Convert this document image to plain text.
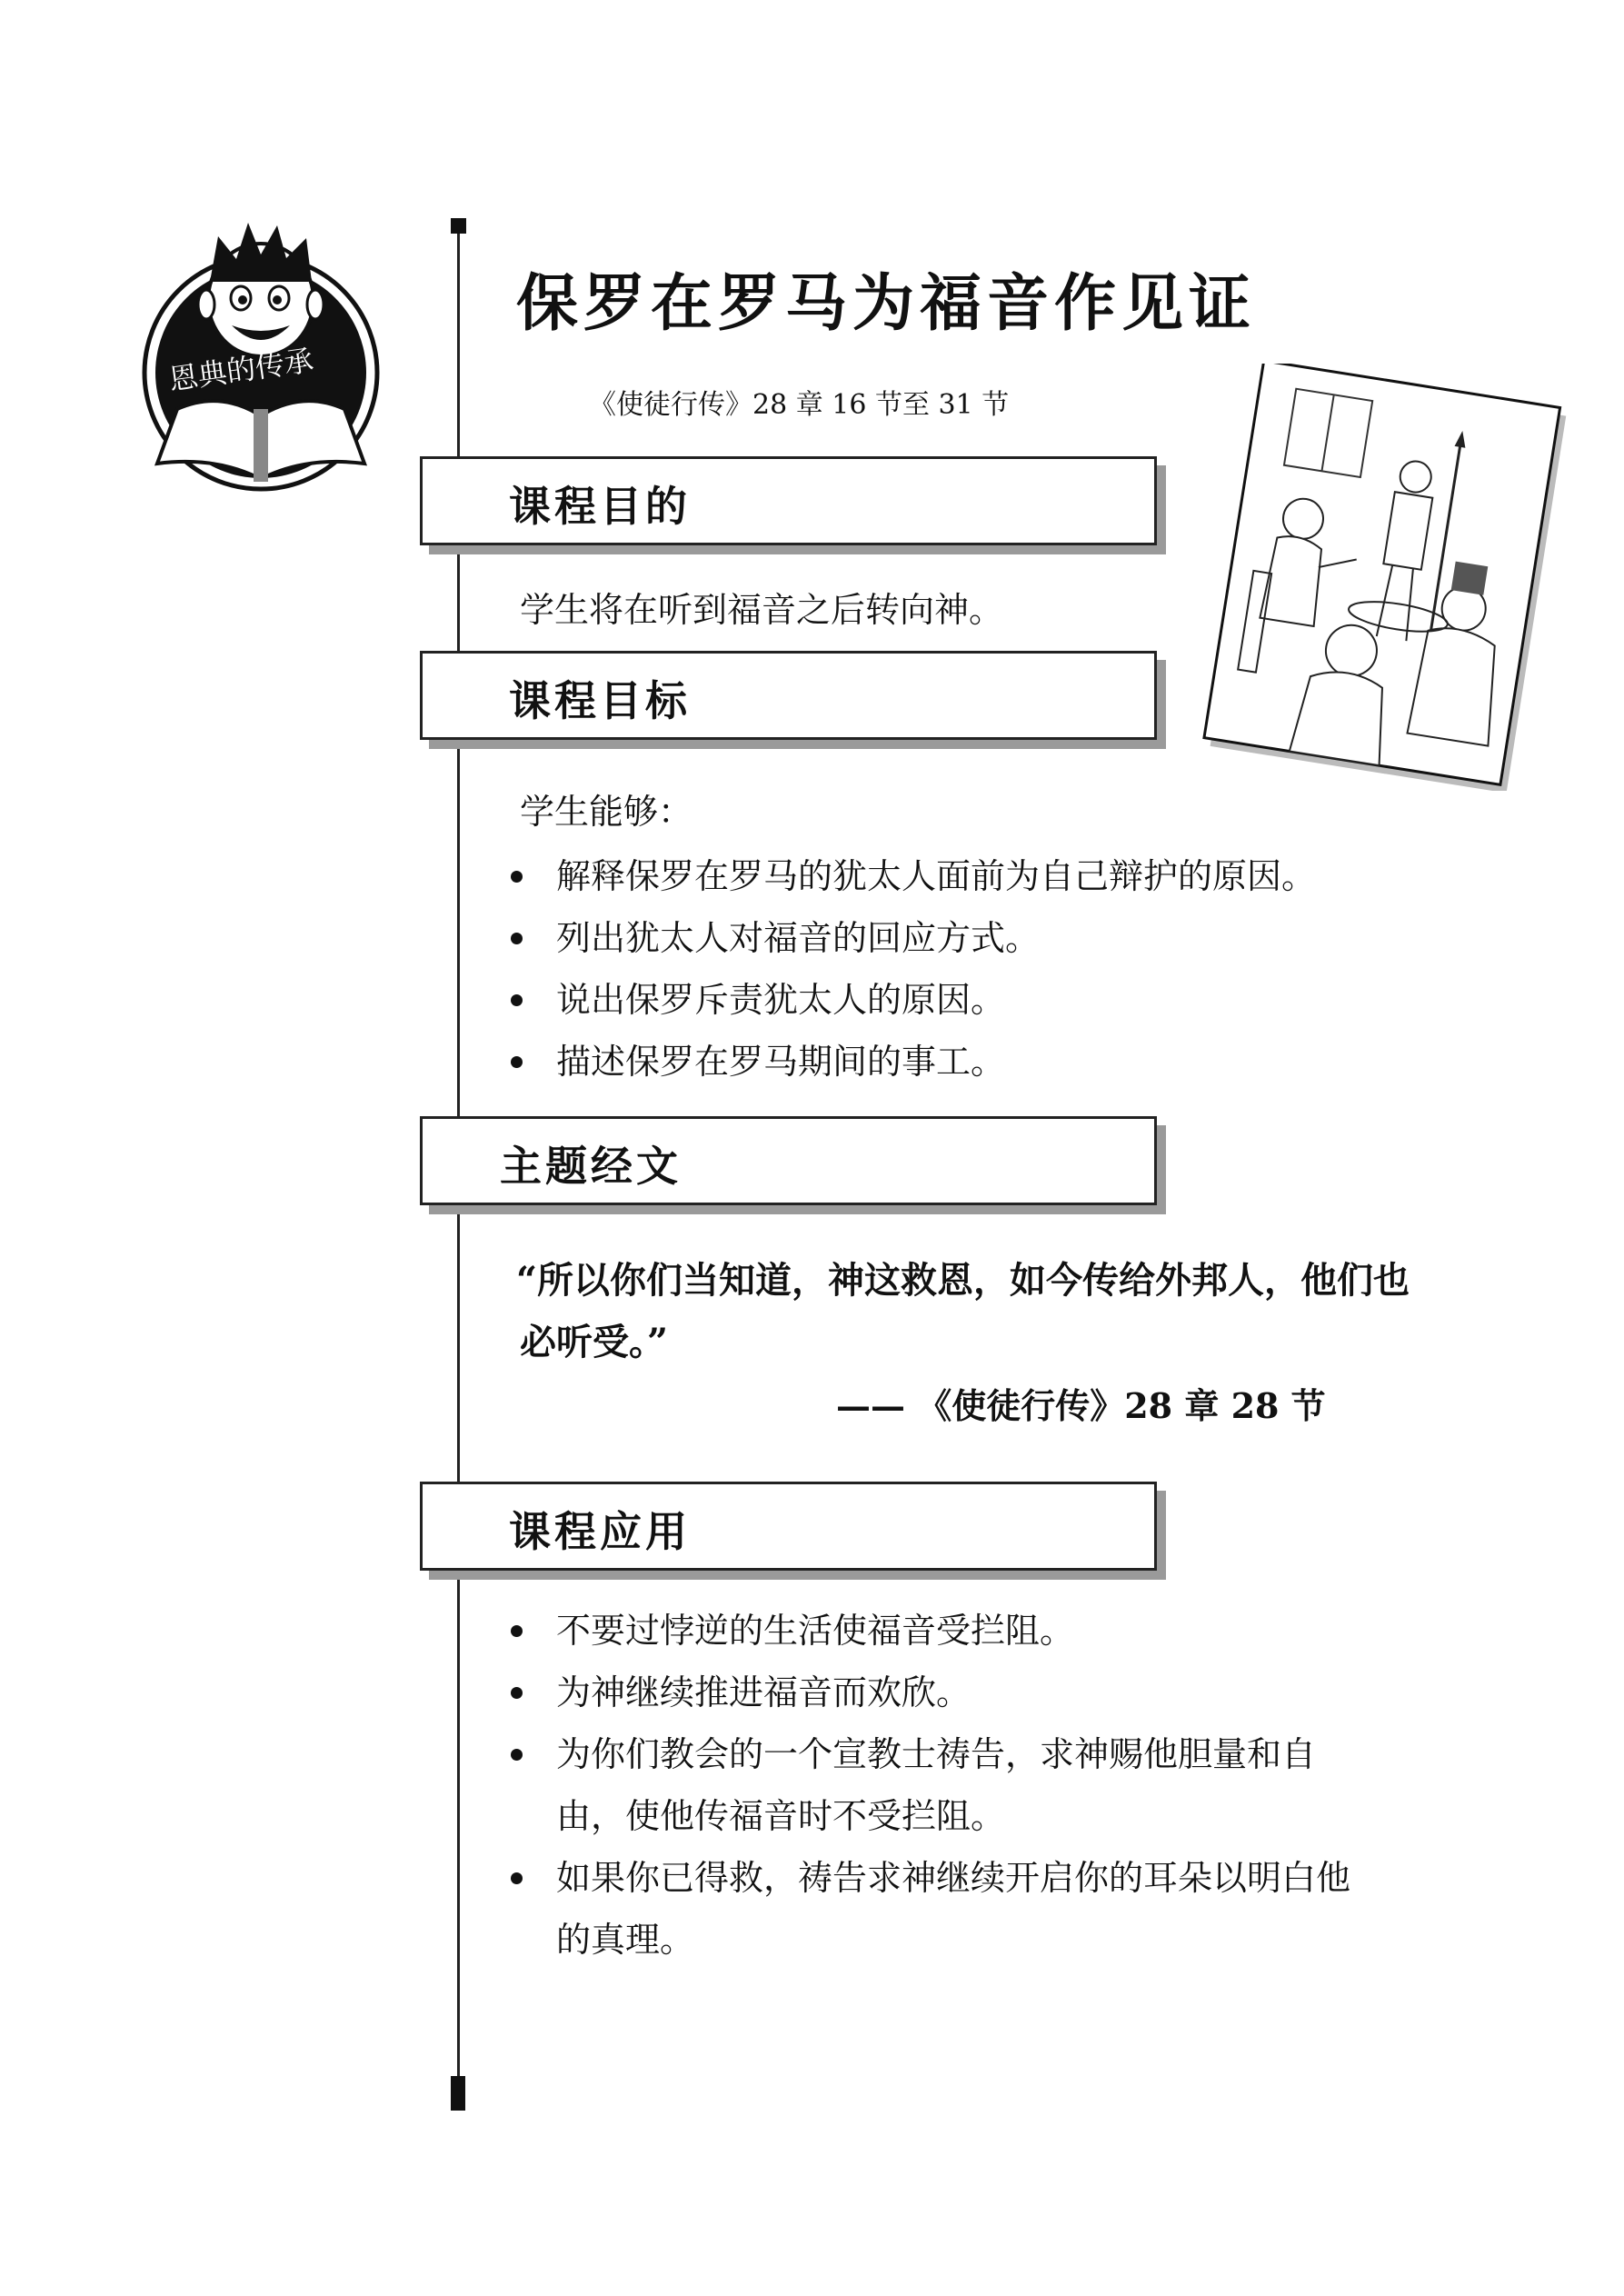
恩典的传承
保罗在罗马为福音作见证
《使徒行传》28 章 16 节至 31 节
课程目的
学生将在听到福音之后转向神。
课程目标
学生能够：
解释保罗在罗马的犹太人面前为自己辩护的原因。
列出犹太人对福音的回应方式。
说出保罗斥责犹太人的原因。
描述保罗在罗马期间的事工。
主题经文
“所以你们当知道，神这救恩，如今传给外邦人，他们也
必听受。”
—— 《使徒行传》28 章 28 节
课程应用
不要过悖逆的生活使福音受拦阻。
为神继续推进福音而欢欣。
为你们教会的一个宣教士祷告，求神赐他胆量和自
由，使他传福音时不受拦阻。
如果你已得救，祷告求神继续开启你的耳朵以明白他
的真理。
